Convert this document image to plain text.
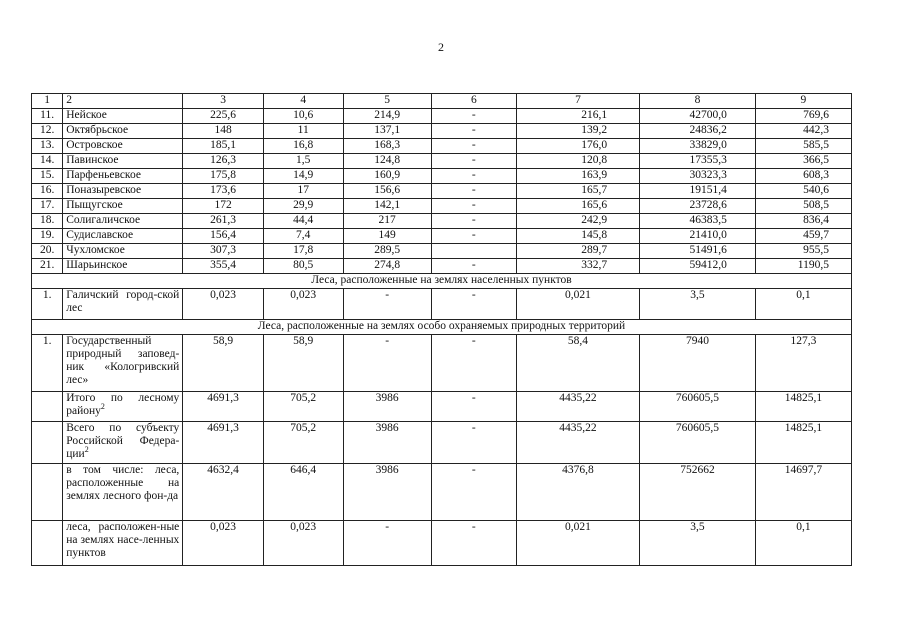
2
1	2	3	4	5	6	7	8	9
11.	Нейское	225,6	10,6	214,9	-	216,1	42700,0	769,6
12.	Октябрьское	148	11	137,1	-	139,2	24836,2	442,3
13.	Островское	185,1	16,8	168,3	-	176,0	33829,0	585,5
14.	Павинское	126,3	1,5	124,8	-	120,8	17355,3	366,5
15.	Парфеньевское	175,8	14,9	160,9	-	163,9	30323,3	608,3
16.	Поназыревское	173,6	17	156,6	-	165,7	19151,4	540,6
17.	Пыщугское	172	29,9	142,1	-	165,6	23728,6	508,5
18.	Солигаличское	261,3	44,4	217	-	242,9	46383,5	836,4
19.	Судиславское	156,4	7,4	149	-	145,8	21410,0	459,7
20.	Чухломское	307,3	17,8	289,5		289,7	51491,6	955,5
21.	Шарьинское	355,4	80,5	274,8	-	332,7	59412,0	1190,5
Леса, расположенные на землях населенных пунктов								
1.	Галичский город-ской лес	0,023	0,023	-	-	0,021	3,5	0,1
Леса, расположенные на землях особо охраняемых природных территорий								
1.	Государственный природный заповед-ник «Кологривский лес»	58,9	58,9	-	-	58,4	7940	127,3
	Итого по лесному району$^2$	4691,3	705,2	3986	-	4435,22	760605,5	14825,1
	Всего по субъекту Российской Федера-ции$^2$	4691,3	705,2	3986	-	4435,22	760605,5	14825,1
	в том числе: леса, расположенные на землях лесного фон-да	4632,4	646,4	3986	-	4376,8	752662	14697,7
	леса, расположен-ные на землях насе-ленных пунктов	0,023	0,023	-	-	0,021	3,5	0,1
